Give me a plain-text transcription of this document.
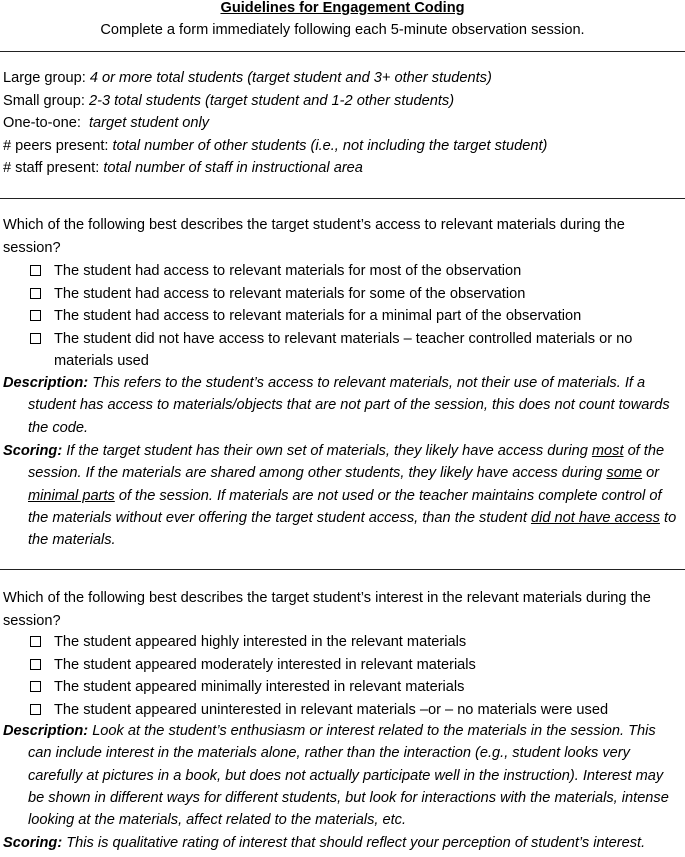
Guidelines for Engagement Coding
Complete a form immediately following each 5-minute observation session.
Large group: 4 or more total students (target student and 3+ other students)
Small group: 2-3 total students (target student and 1-2 other students)
One-to-one:  target student only
# peers present: total number of other students (i.e., not including the target student)
# staff present: total number of staff in instructional area
Which of the following best describes the target student’s access to relevant materials during the session?
The student had access to relevant materials for most of the observation
The student had access to relevant materials for some of the observation
The student had access to relevant materials for a minimal part of the observation
The student did not have access to relevant materials – teacher controlled materials or no materials used
Description: This refers to the student’s access to relevant materials, not their use of materials. If a student has access to materials/objects that are not part of the session, this does not count towards the code.
Scoring: If the target student has their own set of materials, they likely have access during most of the session. If the materials are shared among other students, they likely have access during some or minimal parts of the session. If materials are not used or the teacher maintains complete control of the materials without ever offering the target student access, than the student did not have access to the materials.
Which of the following best describes the target student’s interest in the relevant materials during the session?
The student appeared highly interested in the relevant materials
The student appeared moderately interested in relevant materials
The student appeared minimally interested in relevant materials
The student appeared uninterested in relevant materials –or – no materials were used
Description: Look at the student’s enthusiasm or interest related to the materials in the session. This can include interest in the materials alone, rather than the interaction (e.g., student looks very carefully at pictures in a book, but does not actually participate well in the instruction). Interest may be shown in different ways for different students, but look for interactions with the materials, intense looking at the materials, affect related to the materials, etc.
Scoring: This is qualitative rating of interest that should reflect your perception of student’s interest.
